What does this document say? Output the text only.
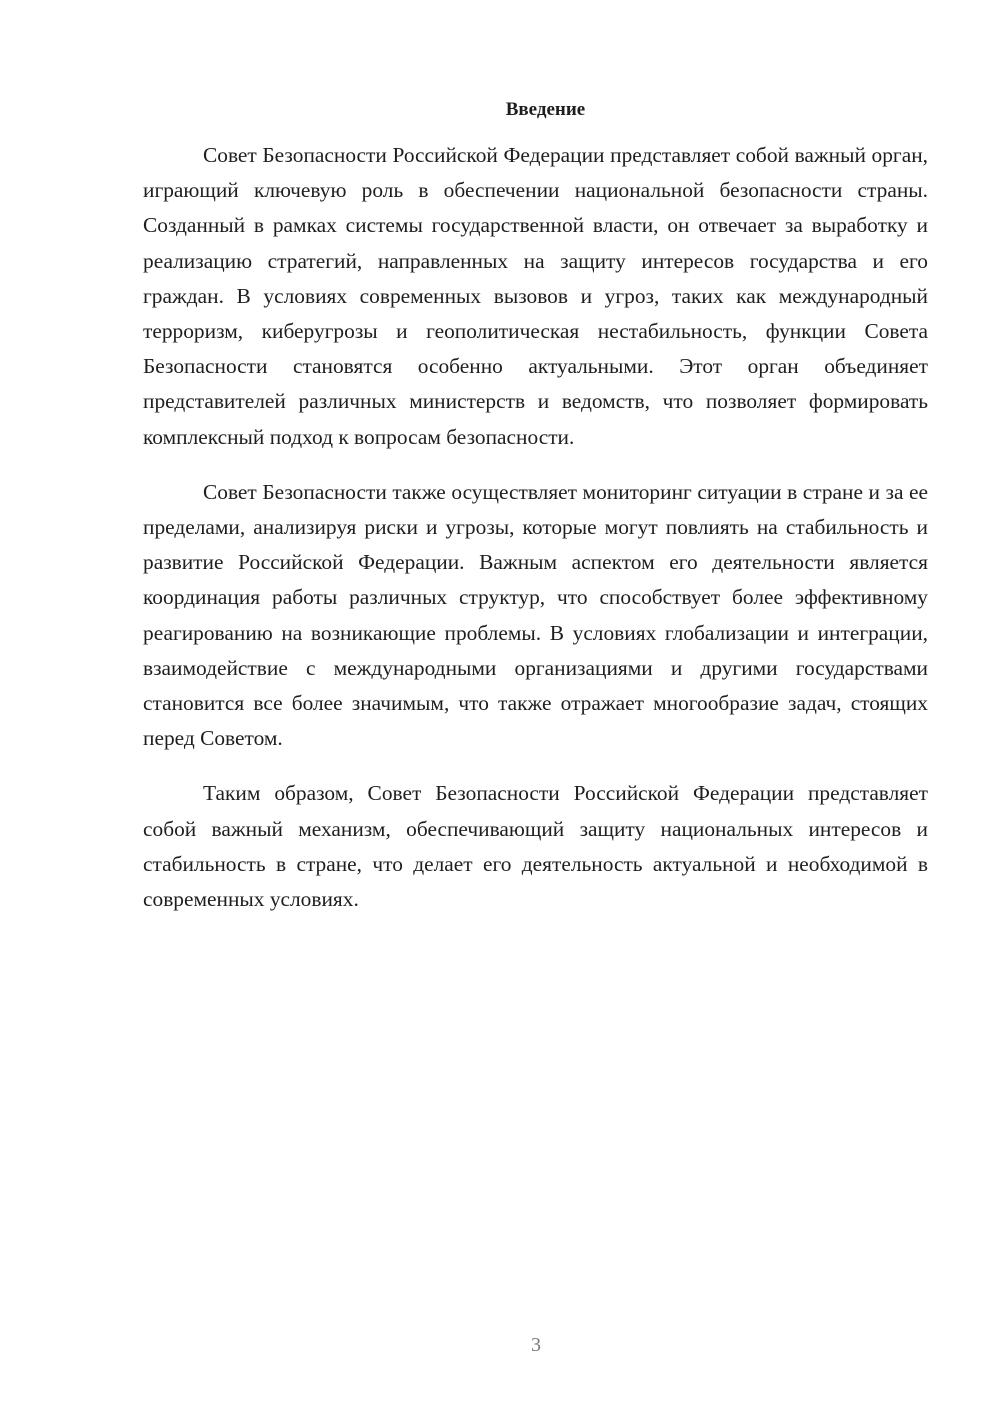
Введение

Совет Безопасности Российской Федерации представляет собой важный орган, играющий ключевую роль в обеспечении национальной безопасности страны. Созданный в рамках системы государственной власти, он отвечает за выработку и реализацию стратегий, направленных на защиту интересов государства и его граждан. В условиях современных вызовов и угроз, таких как международный терроризм, киберугрозы и геополитическая нестабильность, функции Совета Безопасности становятся особенно актуальными. Этот орган объединяет представителей различных министерств и ведомств, что позволяет формировать комплексный подход к вопросам безопасности.

Совет Безопасности также осуществляет мониторинг ситуации в стране и за ее пределами, анализируя риски и угрозы, которые могут повлиять на стабильность и развитие Российской Федерации. Важным аспектом его деятельности является координация работы различных структур, что способствует более эффективному реагированию на возникающие проблемы. В условиях глобализации и интеграции, взаимодействие с международными организациями и другими государствами становится все более значимым, что также отражает многообразие задач, стоящих перед Советом.

Таким образом, Совет Безопасности Российской Федерации представляет собой важный механизм, обеспечивающий защиту национальных интересов и стабильность в стране, что делает его деятельность актуальной и необходимой в современных условиях.

3
